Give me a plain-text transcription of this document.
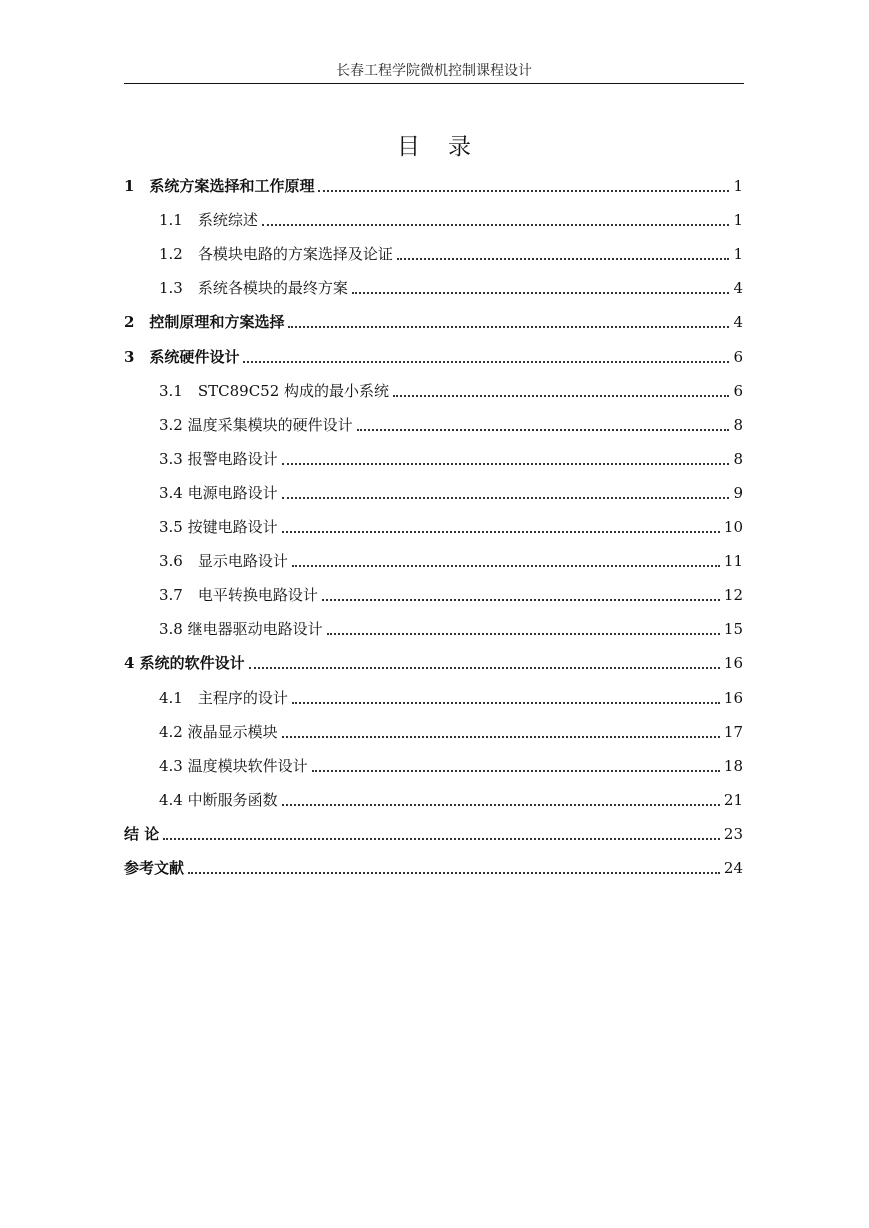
长春工程学院微机控制课程设计
目录
1　系统方案选择和工作原理	1
1.1　系统综述	1
1.2　各模块电路的方案选择及论证	1
1.3　系统各模块的最终方案	4
2　控制原理和方案选择	4
3　系统硬件设计	6
3.1　STC89C52 构成的最小系统	6
3.2 温度采集模块的硬件设计	8
3.3 报警电路设计	8
3.4 电源电路设计	9
3.5 按键电路设计	10
3.6　显示电路设计	11
3.7　电平转换电路设计	12
3.8 继电器驱动电路设计	15
4 系统的软件设计	16
4.1　主程序的设计	16
4.2 液晶显示模块	17
4.3 温度模块软件设计	18
4.4 中断服务函数	21
结 论	23
参考文献	24
